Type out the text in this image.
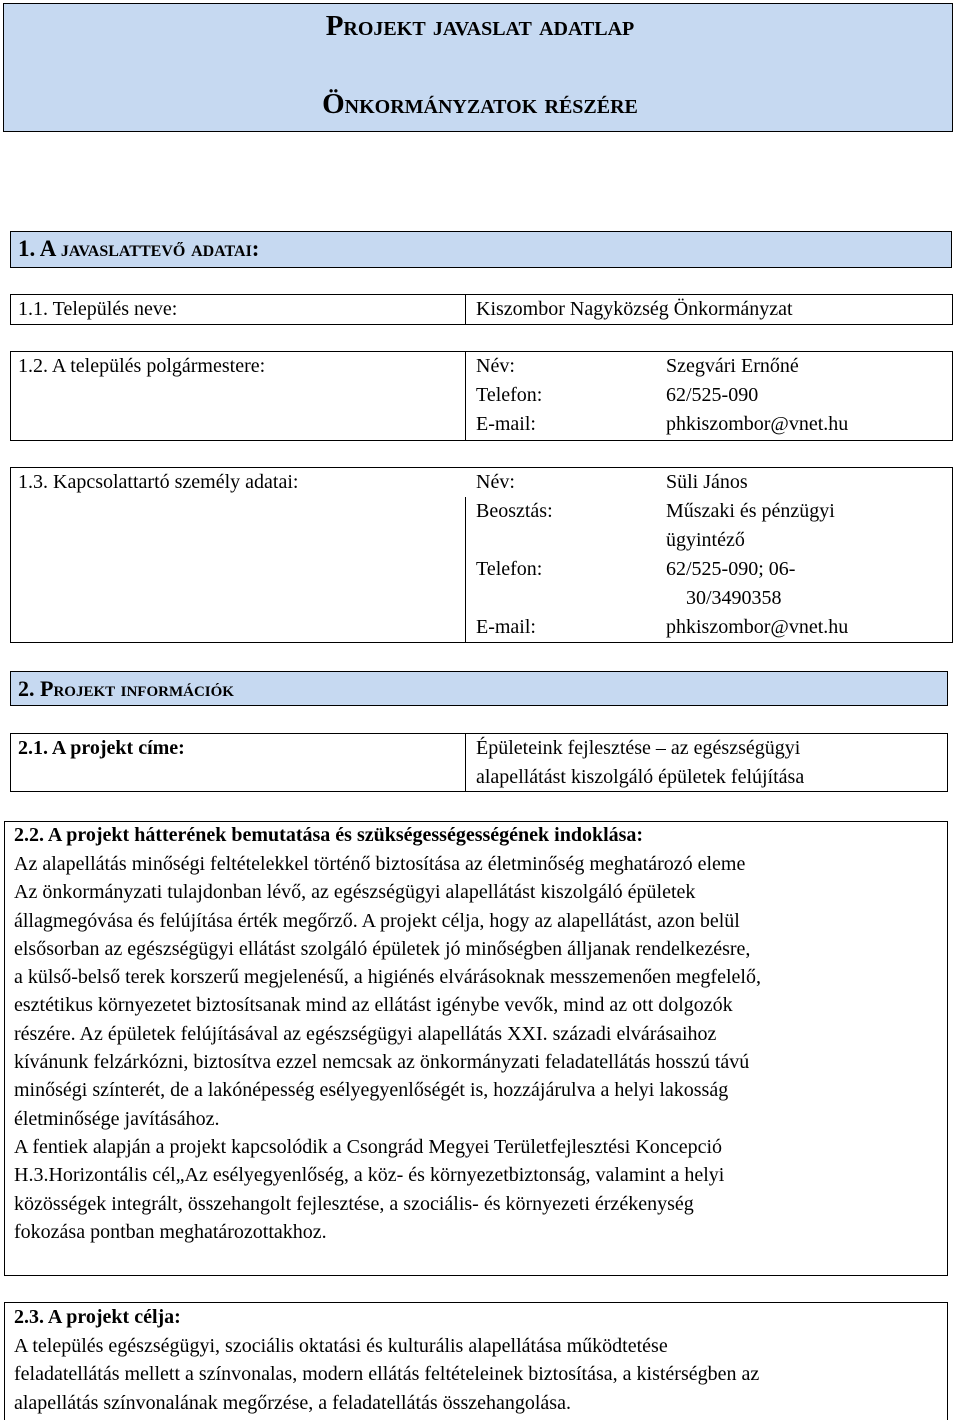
Projekt javaslat adatlap
Önkormányzatok részére
1. A javaslattevő adatai:
1.1. Település neve:	Kiszombor Nagyközség Önkormányzat
1.2. A település polgármestere:	Név:	Szegvári Ernőné
Telefon:	62/525-090
E-mail:	phkiszombor@vnet.hu
1.3. Kapcsolattartó személy adatai:	Név:	Süli János
Beosztás:	Műszaki és pénzügyi
ügyintéző
Telefon:	62/525-090; 06-
30/3490358
E-mail:	phkiszombor@vnet.hu
2. Projekt információk
2.1. A projekt címe:	Épületeink fejlesztése – az egészségügyi
alapellátást kiszolgáló épületek felújítása
2.2. A projekt hátterének bemutatása és szükségességességének indoklása:
Az alapellátás minőségi feltételekkel történő biztosítása az életminőség meghatározó eleme
Az önkormányzati tulajdonban lévő, az egészségügyi alapellátást kiszolgáló épületek
állagmegóvása és felújítása érték megőrző. A projekt célja, hogy az alapellátást, azon belül
elsősorban az egészségügyi ellátást szolgáló épületek jó minőségben álljanak rendelkezésre,
a külső-belső terek korszerű megjelenésű, a higiénés elvárásoknak messzemenően megfelelő,
esztétikus környezetet biztosítsanak mind az ellátást igénybe vevők, mind az ott dolgozók
részére. Az épületek felújításával az egészségügyi alapellátás XXI. századi elvárásaihoz
kívánunk felzárkózni, biztosítva ezzel nemcsak az önkormányzati feladatellátás hosszú távú
minőségi színterét, de a lakónépesség esélyegyenlőségét is, hozzájárulva a helyi lakosság
életminősége javításához.
A fentiek alapján a projekt kapcsolódik a Csongrád Megyei Területfejlesztési Koncepció
H.3.Horizontális cél„Az esélyegyenlőség, a köz- és környezetbiztonság, valamint a helyi
közösségek integrált, összehangolt fejlesztése, a szociális- és környezeti érzékenység
fokozása pontban meghatározottakhoz.
2.3. A projekt célja:
A település egészségügyi, szociális oktatási és kulturális alapellátása működtetése
feladatellátás mellett a színvonalas, modern ellátás feltételeinek biztosítása, a kistérségben az
alapellátás színvonalának megőrzése, a feladatellátás összehangolása.
